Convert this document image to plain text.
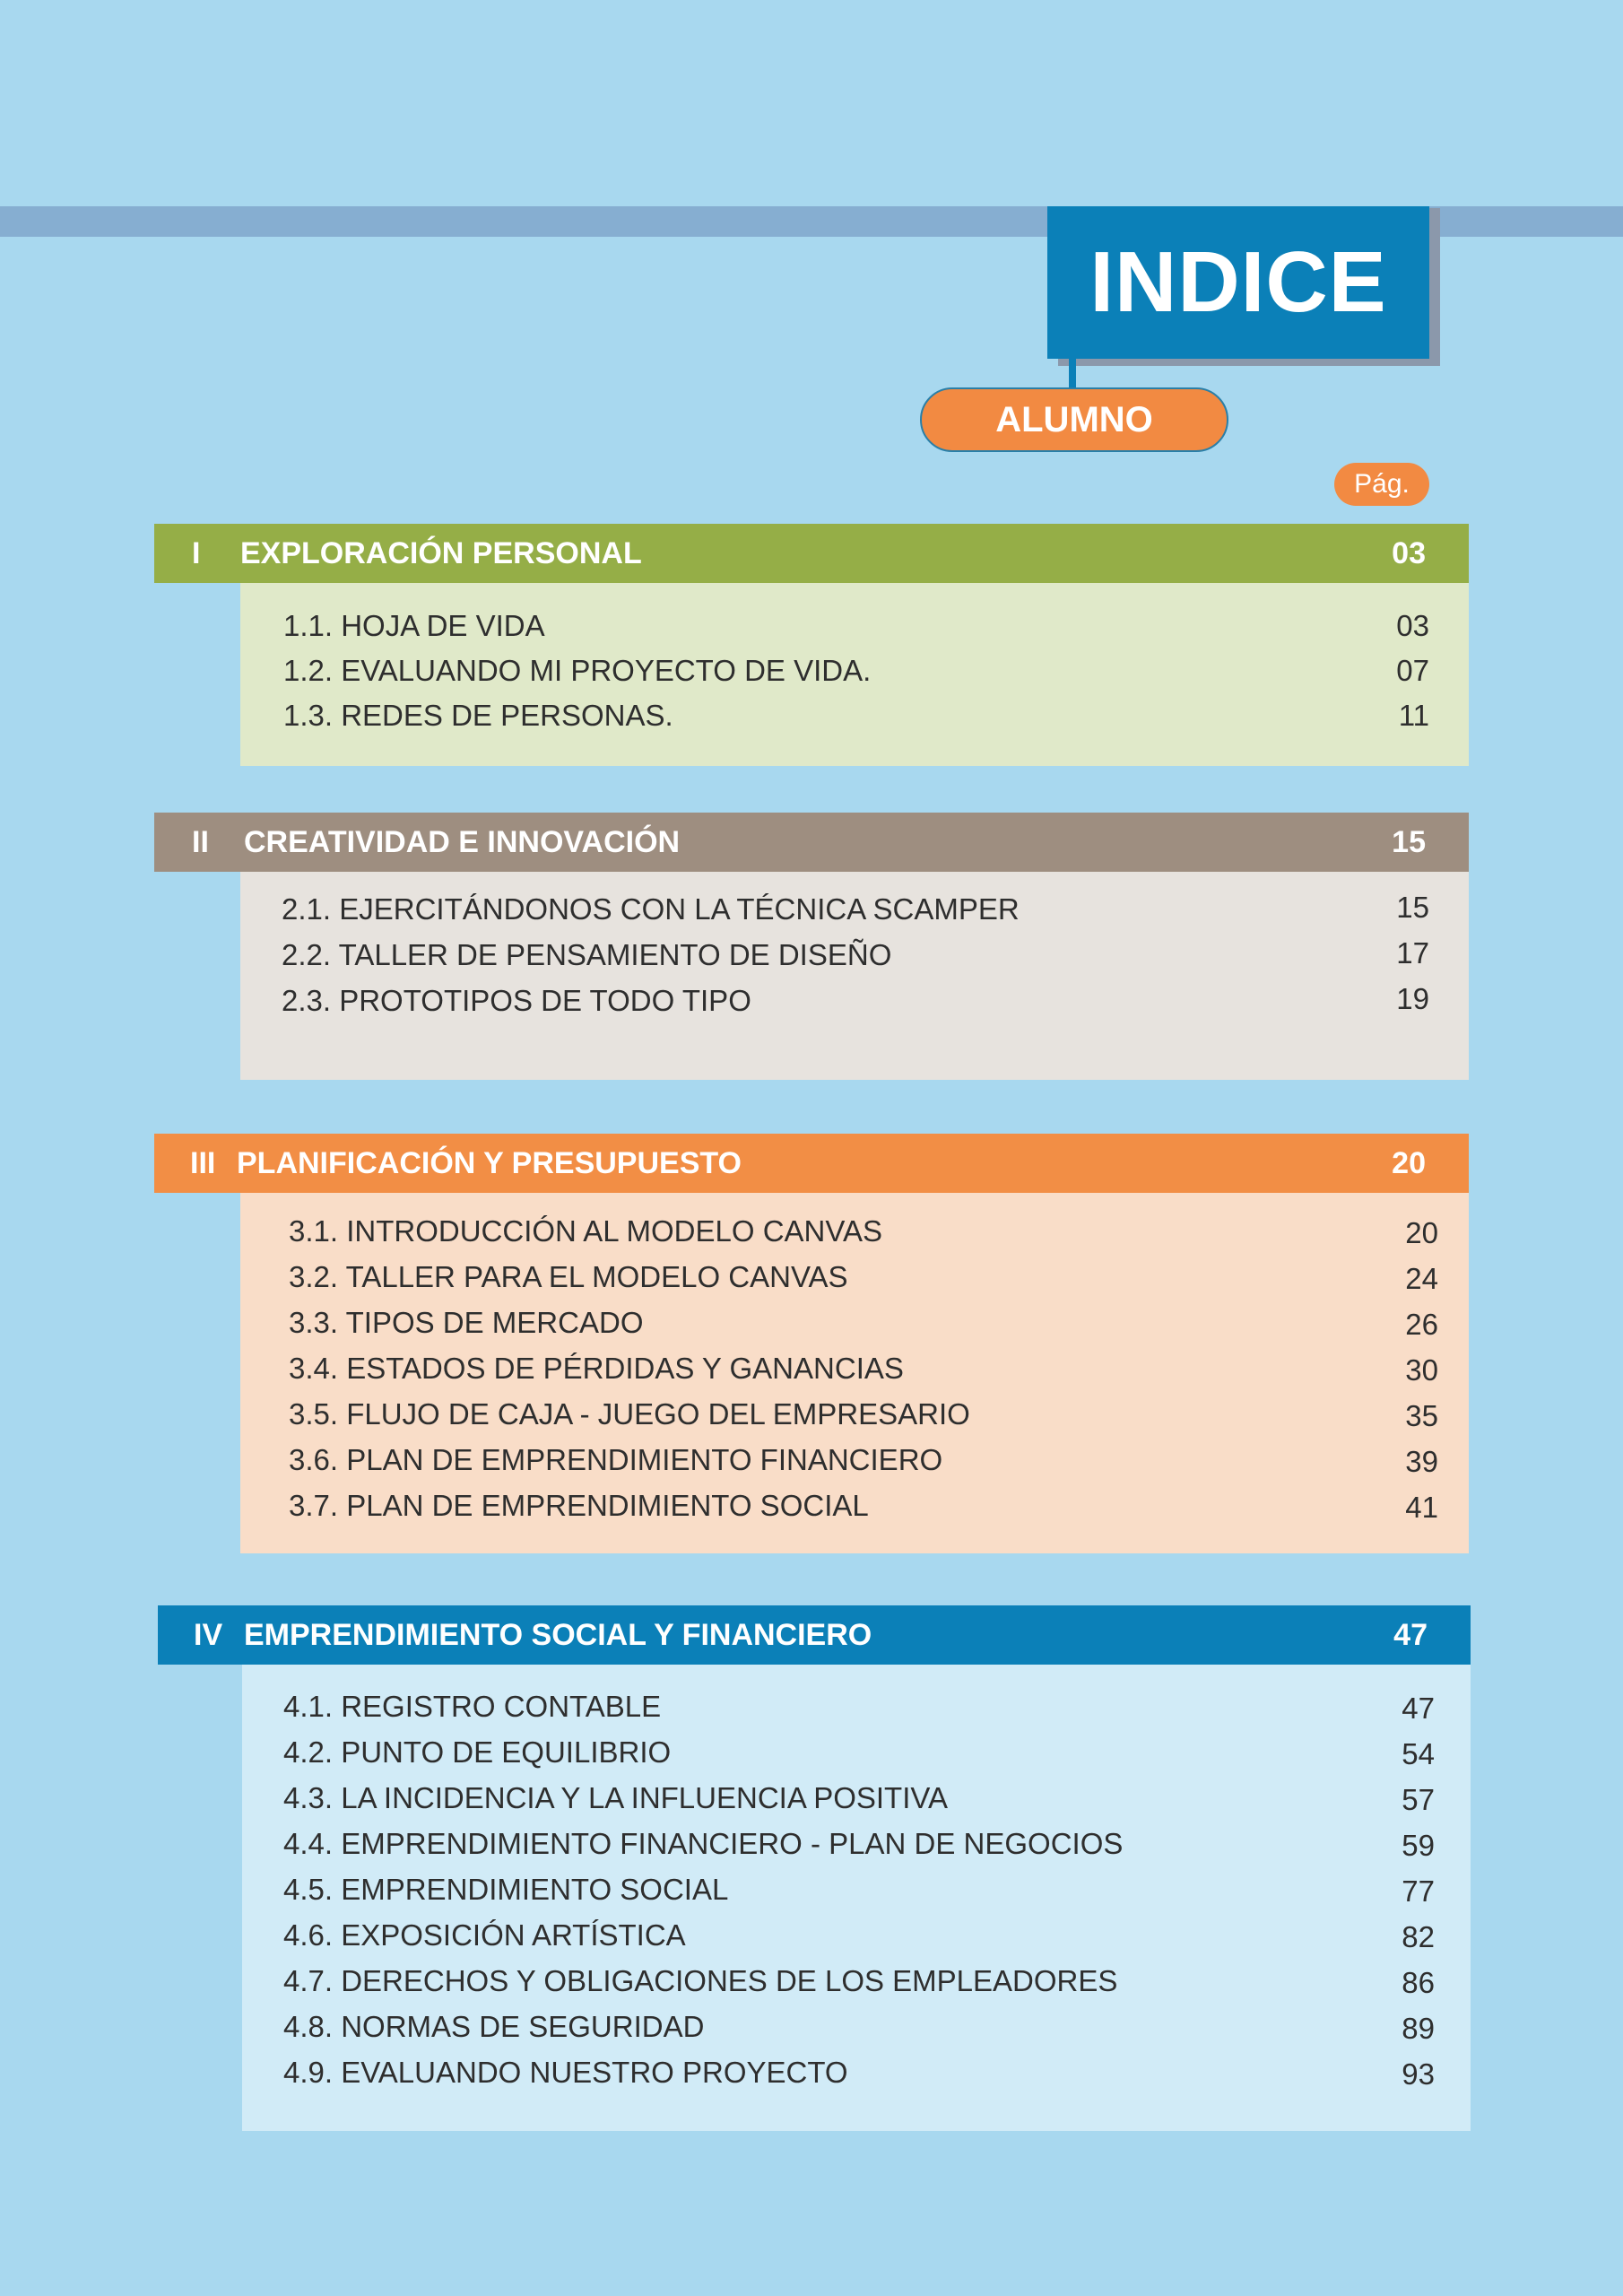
INDICE
ALUMNO
Pág.
I EXPLORACIÓN PERSONAL	03
1.1. HOJA DE VIDA	03
1.2. EVALUANDO MI PROYECTO DE VIDA.	07
1.3. REDES DE PERSONAS.	11
II CREATIVIDAD E INNOVACIÓN	15
2.1. EJERCITÁNDONOS CON LA TÉCNICA SCAMPER	15
2.2. TALLER DE PENSAMIENTO DE DISEÑO	17
2.3. PROTOTIPOS DE TODO TIPO	19
III PLANIFICACIÓN Y PRESUPUESTO	20
3.1. INTRODUCCIÓN AL MODELO CANVAS	20
3.2. TALLER PARA EL MODELO CANVAS	24
3.3. TIPOS DE MERCADO	26
3.4. ESTADOS DE PÉRDIDAS Y GANANCIAS	30
3.5. FLUJO DE CAJA - JUEGO DEL EMPRESARIO	35
3.6. PLAN DE EMPRENDIMIENTO FINANCIERO	39
3.7. PLAN DE EMPRENDIMIENTO SOCIAL	41
IV EMPRENDIMIENTO SOCIAL Y FINANCIERO	47
4.1. REGISTRO CONTABLE	47
4.2. PUNTO DE EQUILIBRIO	54
4.3. LA INCIDENCIA Y LA INFLUENCIA POSITIVA	57
4.4. EMPRENDIMIENTO FINANCIERO - PLAN DE NEGOCIOS	59
4.5. EMPRENDIMIENTO SOCIAL	77
4.6. EXPOSICIÓN ARTÍSTICA	82
4.7. DERECHOS Y OBLIGACIONES DE LOS EMPLEADORES	86
4.8. NORMAS DE SEGURIDAD	89
4.9. EVALUANDO NUESTRO PROYECTO	93
